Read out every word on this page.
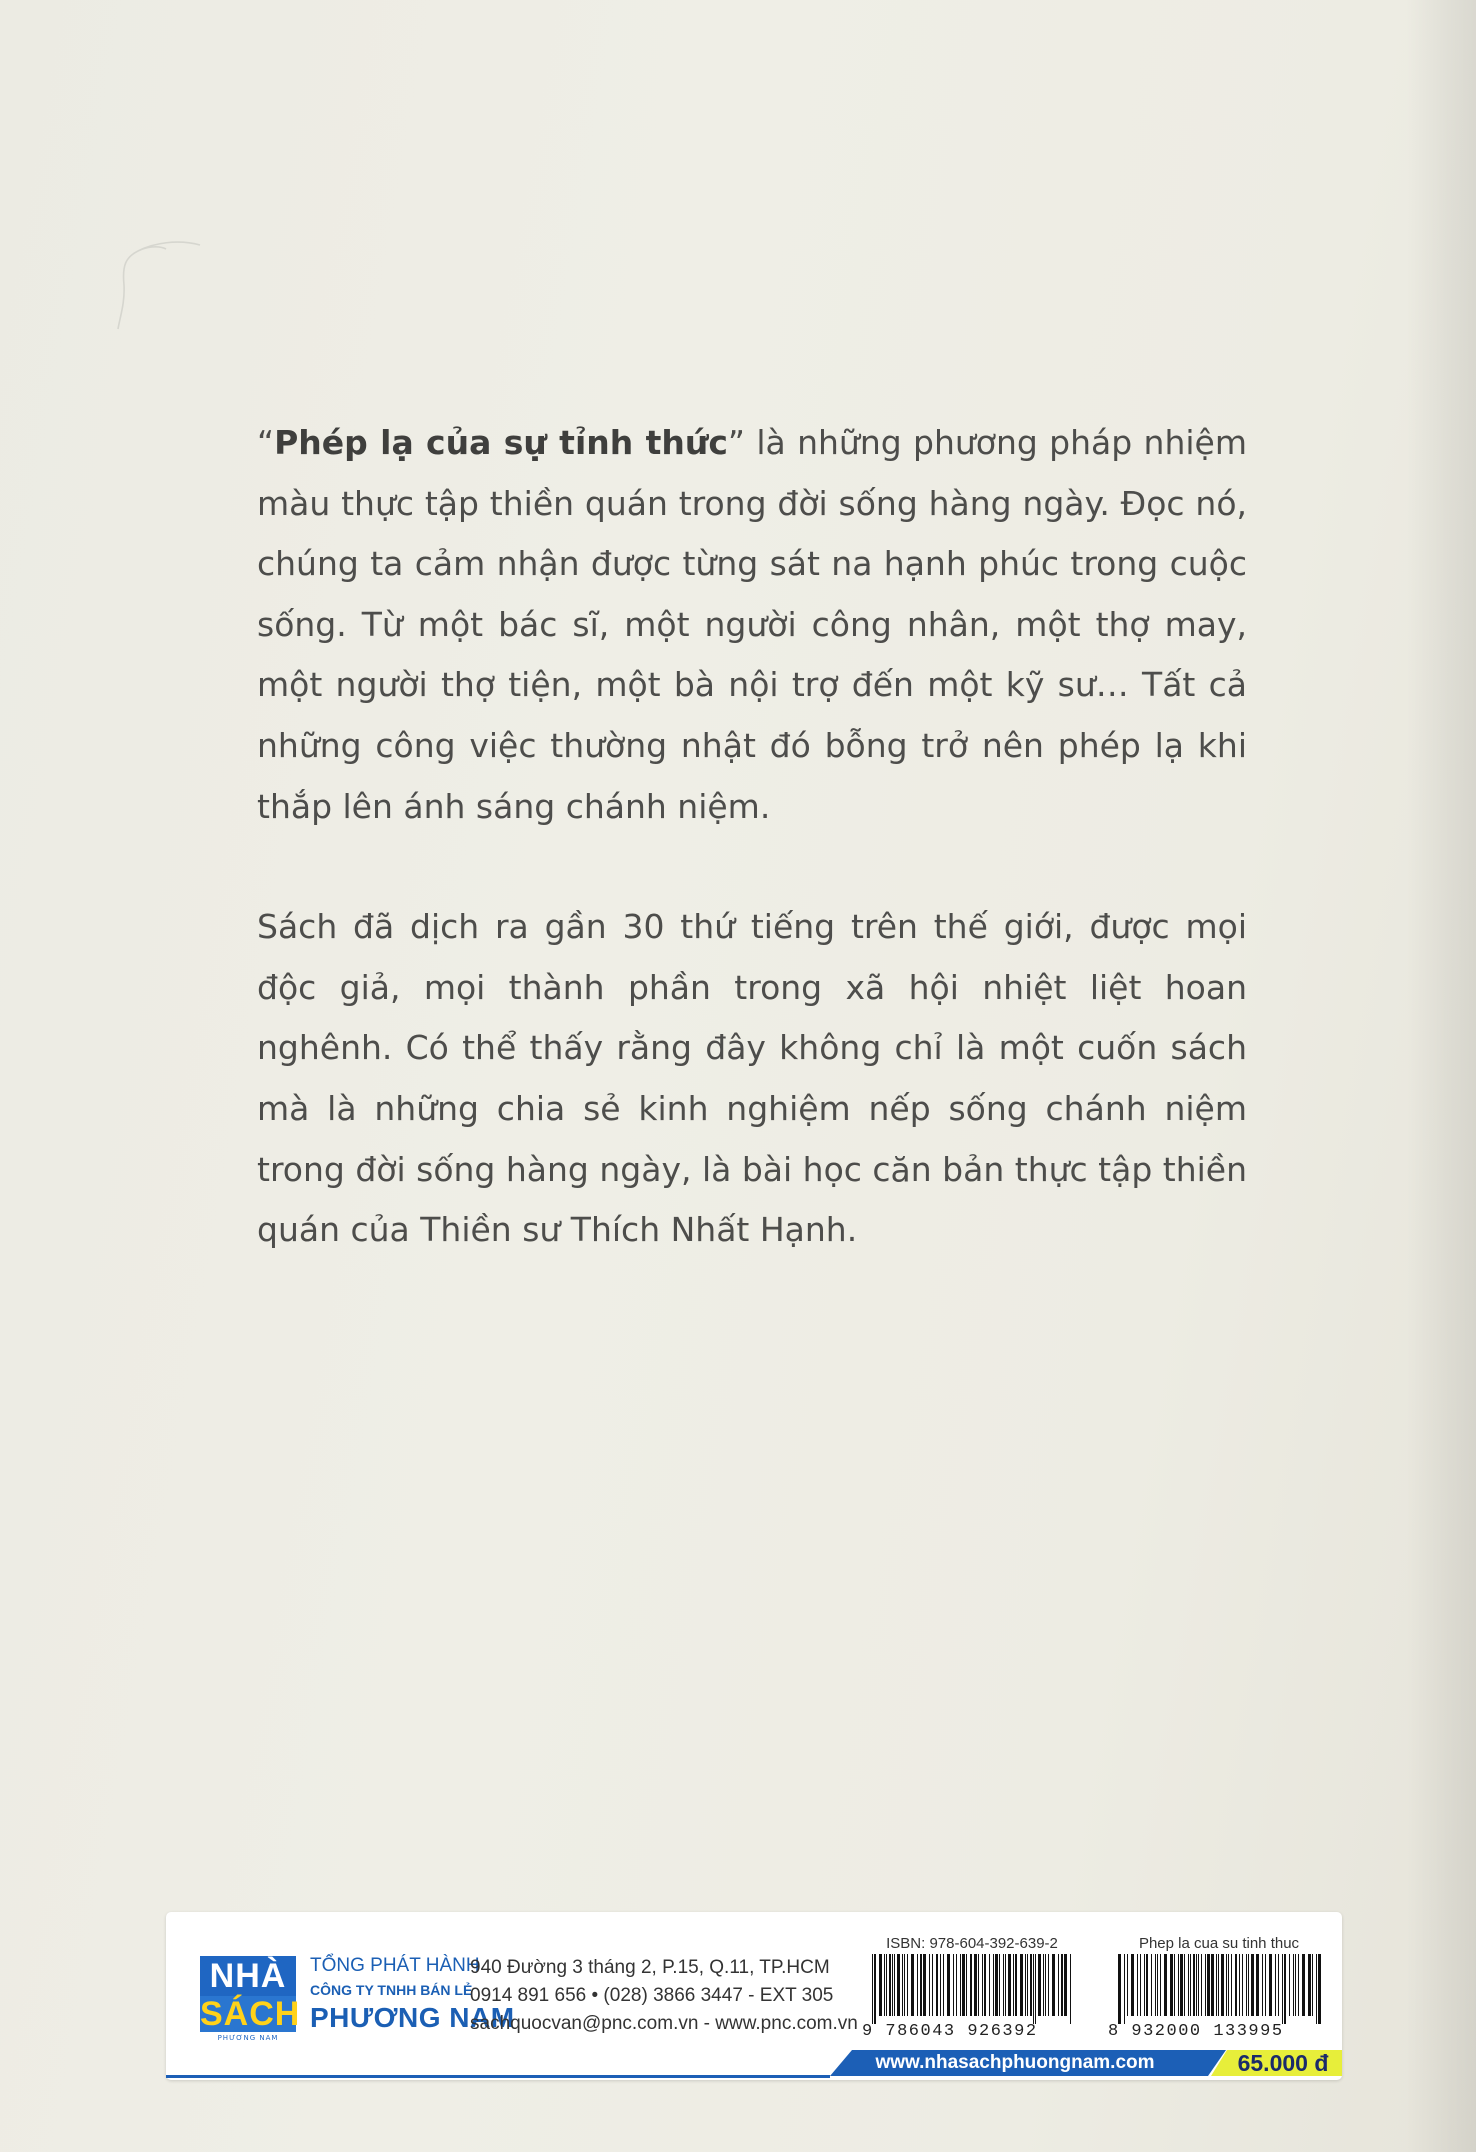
“Phép lạ của sự tỉnh thức” là những phương pháp nhiệm màu thực tập thiền quán trong đời sống hàng ngày. Đọc nó, chúng ta cảm nhận được từng sát na hạnh phúc trong cuộc sống. Từ một bác sĩ, một người công nhân, một thợ may, một người thợ tiện, một bà nội trợ đến một kỹ sư… Tất cả những công việc thường nhật đó bỗng trở nên phép lạ khi thắp lên ánh sáng chánh niệm.

Sách đã dịch ra gần 30 thứ tiếng trên thế giới, được mọi độc giả, mọi thành phần trong xã hội nhiệt liệt hoan nghênh. Có thể thấy rằng đây không chỉ là một cuốn sách mà là những chia sẻ kinh nghiệm nếp sống chánh niệm trong đời sống hàng ngày, là bài học căn bản thực tập thiền quán của Thiền sư Thích Nhất Hạnh.

NHÀ
SÁCH
PHƯƠNG NAM
TỔNG PHÁT HÀNH
CÔNG TY TNHH BÁN LẺ
PHƯƠNG NAM
940 Đường 3 tháng 2, P.15, Q.11, TP.HCM
0914 891 656 • (028) 3866 3447 - EXT 305
sachquocvan@pnc.com.vn - www.pnc.com.vn
ISBN: 978-604-392-639-2
9 786043 926392
Phep la cua su tinh thuc
8 932000 133995
www.nhasachphuongnam.com	65.000 đ
